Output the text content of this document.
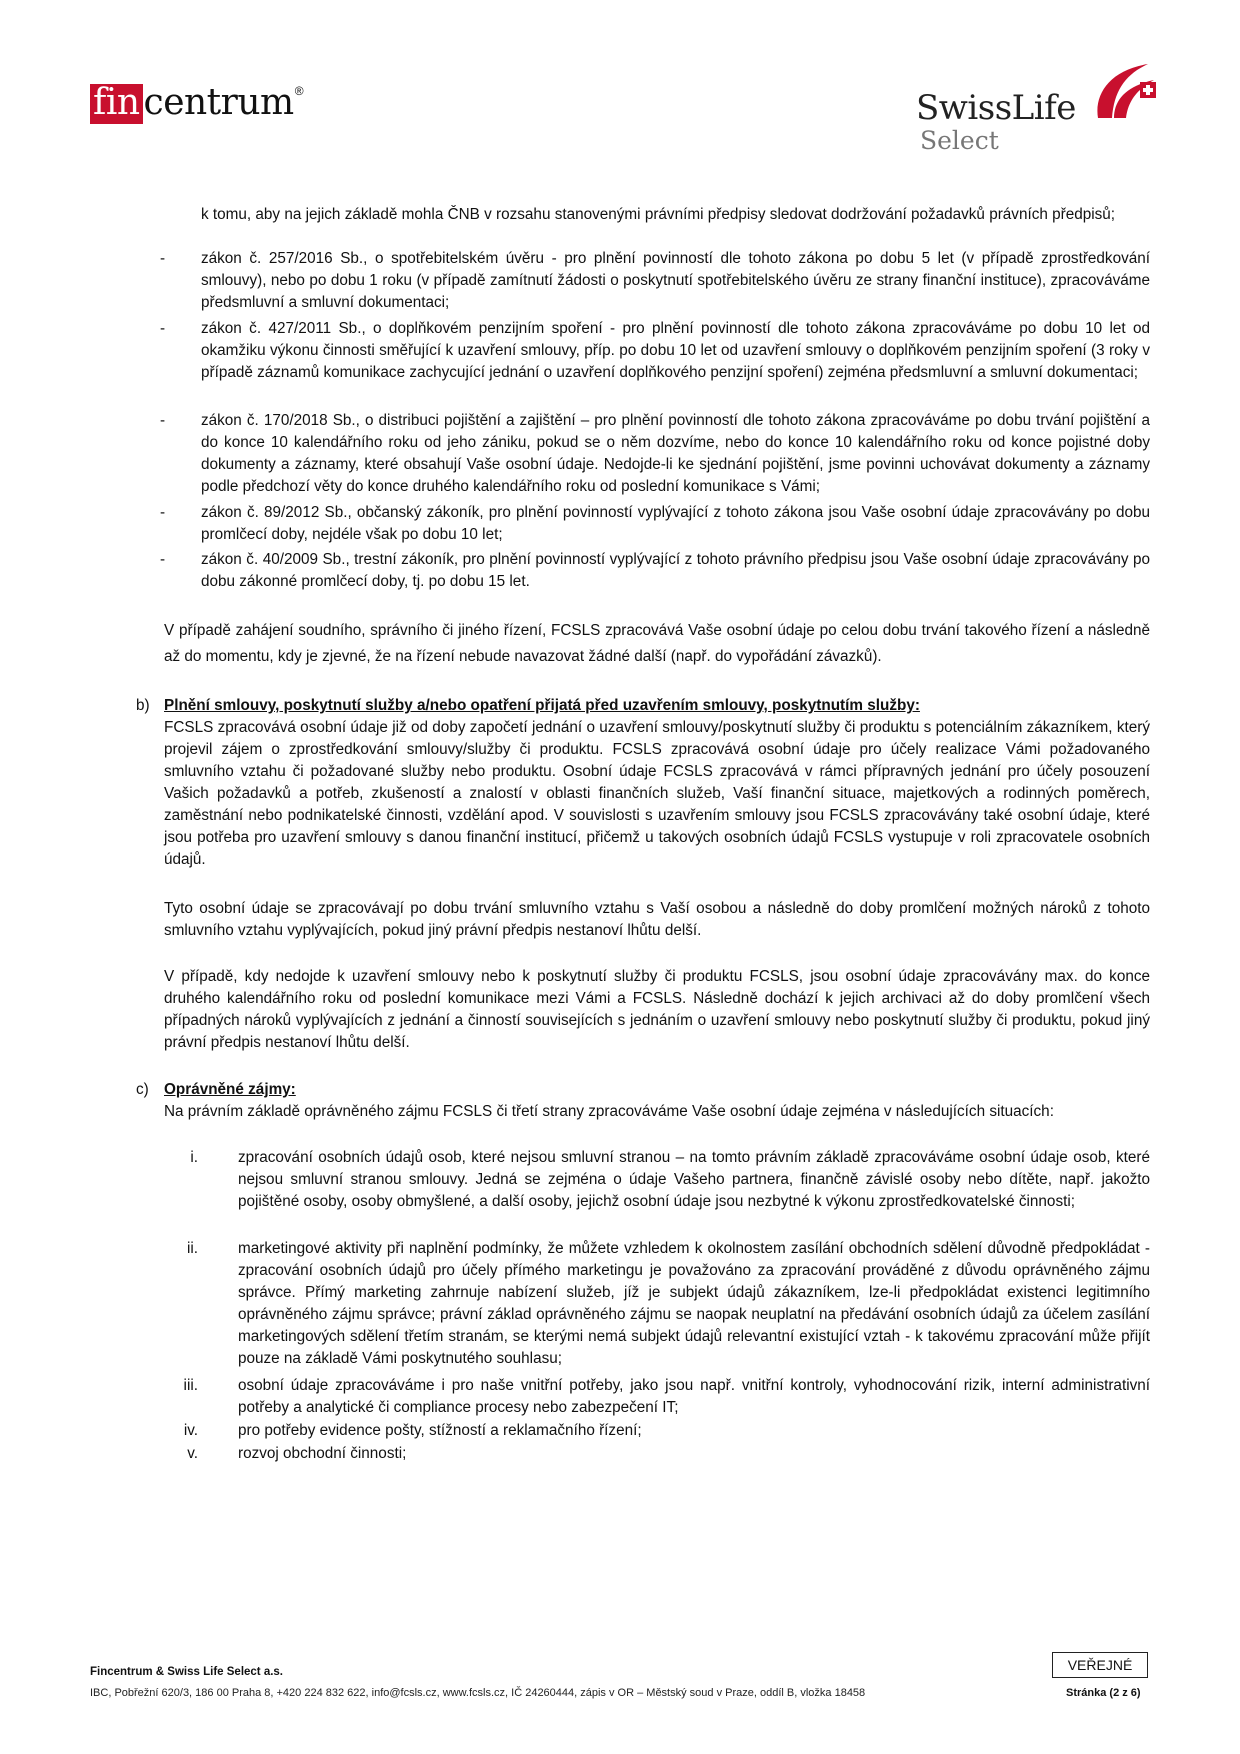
fin centrum ®	SwissLife
Select
k tomu, aby na jejich základě mohla ČNB v rozsahu stanovenými právními předpisy sledovat dodržování požadavků právních předpisů;
-	zákon č. 257/2016 Sb., o spotřebitelském úvěru - pro plnění povinností dle tohoto zákona po dobu 5 let (v případě zprostředkování smlouvy), nebo po dobu 1 roku (v případě zamítnutí žádosti o poskytnutí spotřebitelského úvěru ze strany finanční instituce), zpracováváme předsmluvní a smluvní dokumentaci;
-	zákon č. 427/2011 Sb., o doplňkovém penzijním spoření - pro plnění povinností dle tohoto zákona zpracováváme po dobu 10 let od okamžiku výkonu činnosti směřující k uzavření smlouvy, příp. po dobu 10 let od uzavření smlouvy o doplňkovém penzijním spoření (3 roky v případě záznamů komunikace zachycující jednání o uzavření doplňkového penzijní spoření) zejména předsmluvní a smluvní dokumentaci;
-	zákon č. 170/2018 Sb., o distribuci pojištění a zajištění – pro plnění povinností dle tohoto zákona zpracováváme po dobu trvání pojištění a do konce 10 kalendářního roku od jeho zániku, pokud se o něm dozvíme, nebo do konce 10 kalendářního roku od konce pojistné doby dokumenty a záznamy, které obsahují Vaše osobní údaje. Nedojde-li ke sjednání pojištění, jsme povinni uchovávat dokumenty a záznamy podle předchozí věty do konce druhého kalendářního roku od poslední komunikace s Vámi;
-	zákon č. 89/2012 Sb., občanský zákoník, pro plnění povinností vyplývající z tohoto zákona jsou Vaše osobní údaje zpracovávány po dobu promlčecí doby, nejdéle však po dobu 10 let;
-	zákon č. 40/2009 Sb., trestní zákoník, pro plnění povinností vyplývající z tohoto právního předpisu jsou Vaše osobní údaje zpracovávány po dobu zákonné promlčecí doby, tj. po dobu 15 let.
V případě zahájení soudního, správního či jiného řízení, FCSLS zpracovává Vaše osobní údaje po celou dobu trvání takového řízení a následně až do momentu, kdy je zjevné, že na řízení nebude navazovat žádné další (např. do vypořádání závazků).
b) Plnění smlouvy, poskytnutí služby a/nebo opatření přijatá před uzavřením smlouvy, poskytnutím služby:
FCSLS zpracovává osobní údaje již od doby započetí jednání o uzavření smlouvy/poskytnutí služby či produktu s potenciálním zákazníkem, který projevil zájem o zprostředkování smlouvy/služby či produktu. FCSLS zpracovává osobní údaje pro účely realizace Vámi požadovaného smluvního vztahu či požadované služby nebo produktu. Osobní údaje FCSLS zpracovává v rámci přípravných jednání pro účely posouzení Vašich požadavků a potřeb, zkušeností a znalostí v oblasti finančních služeb, Vaší finanční situace, majetkových a rodinných poměrech, zaměstnání nebo podnikatelské činnosti, vzdělání apod. V souvislosti s uzavřením smlouvy jsou FCSLS zpracovávány také osobní údaje, které jsou potřeba pro uzavření smlouvy s danou finanční institucí, přičemž u takových osobních údajů FCSLS vystupuje v roli zpracovatele osobních údajů.
Tyto osobní údaje se zpracovávají po dobu trvání smluvního vztahu s Vaší osobou a následně do doby promlčení možných nároků z tohoto smluvního vztahu vyplývajících, pokud jiný právní předpis nestanoví lhůtu delší.
V případě, kdy nedojde k uzavření smlouvy nebo k poskytnutí služby či produktu FCSLS, jsou osobní údaje zpracovávány max. do konce druhého kalendářního roku od poslední komunikace mezi Vámi a FCSLS. Následně dochází k jejich archivaci až do doby promlčení všech případných nároků vyplývajících z jednání a činností souvisejících s jednáním o uzavření smlouvy nebo poskytnutí služby či produktu, pokud jiný právní předpis nestanoví lhůtu delší.
c) Oprávněné zájmy:
Na právním základě oprávněného zájmu FCSLS či třetí strany zpracováváme Vaše osobní údaje zejména v následujících situacích:
i.	zpracování osobních údajů osob, které nejsou smluvní stranou – na tomto právním základě zpracováváme osobní údaje osob, které nejsou smluvní stranou smlouvy. Jedná se zejména o údaje Vašeho partnera, finančně závislé osoby nebo dítěte, např. jakožto pojištěné osoby, osoby obmyšlené, a další osoby, jejichž osobní údaje jsou nezbytné k výkonu zprostředkovatelské činnosti;
ii.	marketingové aktivity při naplnění podmínky, že můžete vzhledem k okolnostem zasílání obchodních sdělení důvodně předpokládat - zpracování osobních údajů pro účely přímého marketingu je považováno za zpracování prováděné z důvodu oprávněného zájmu správce. Přímý marketing zahrnuje nabízení služeb, jíž je subjekt údajů zákazníkem, lze-li předpokládat existenci legitimního oprávněného zájmu správce; právní základ oprávněného zájmu se naopak neuplatní na předávání osobních údajů za účelem zasílání marketingových sdělení třetím stranám, se kterými nemá subjekt údajů relevantní existující vztah - k takovému zpracování může přijít pouze na základě Vámi poskytnutého souhlasu;
iii.	osobní údaje zpracováváme i pro naše vnitřní potřeby, jako jsou např. vnitřní kontroly, vyhodnocování rizik, interní administrativní potřeby a analytické či compliance procesy nebo zabezpečení IT;
iv.	pro potřeby evidence pošty, stížností a reklamačního řízení;
v.	rozvoj obchodní činnosti;
Fincentrum & Swiss Life Select a.s.
IBC, Pobřežní 620/3, 186 00 Praha 8, +420 224 832 622, info@fcsls.cz, www.fcsls.cz, IČ 24260444, zápis v OR – Městský soud v Praze, oddíl B, vložka 18458
VEŘEJNÉ
Stránka (2 z 6)
